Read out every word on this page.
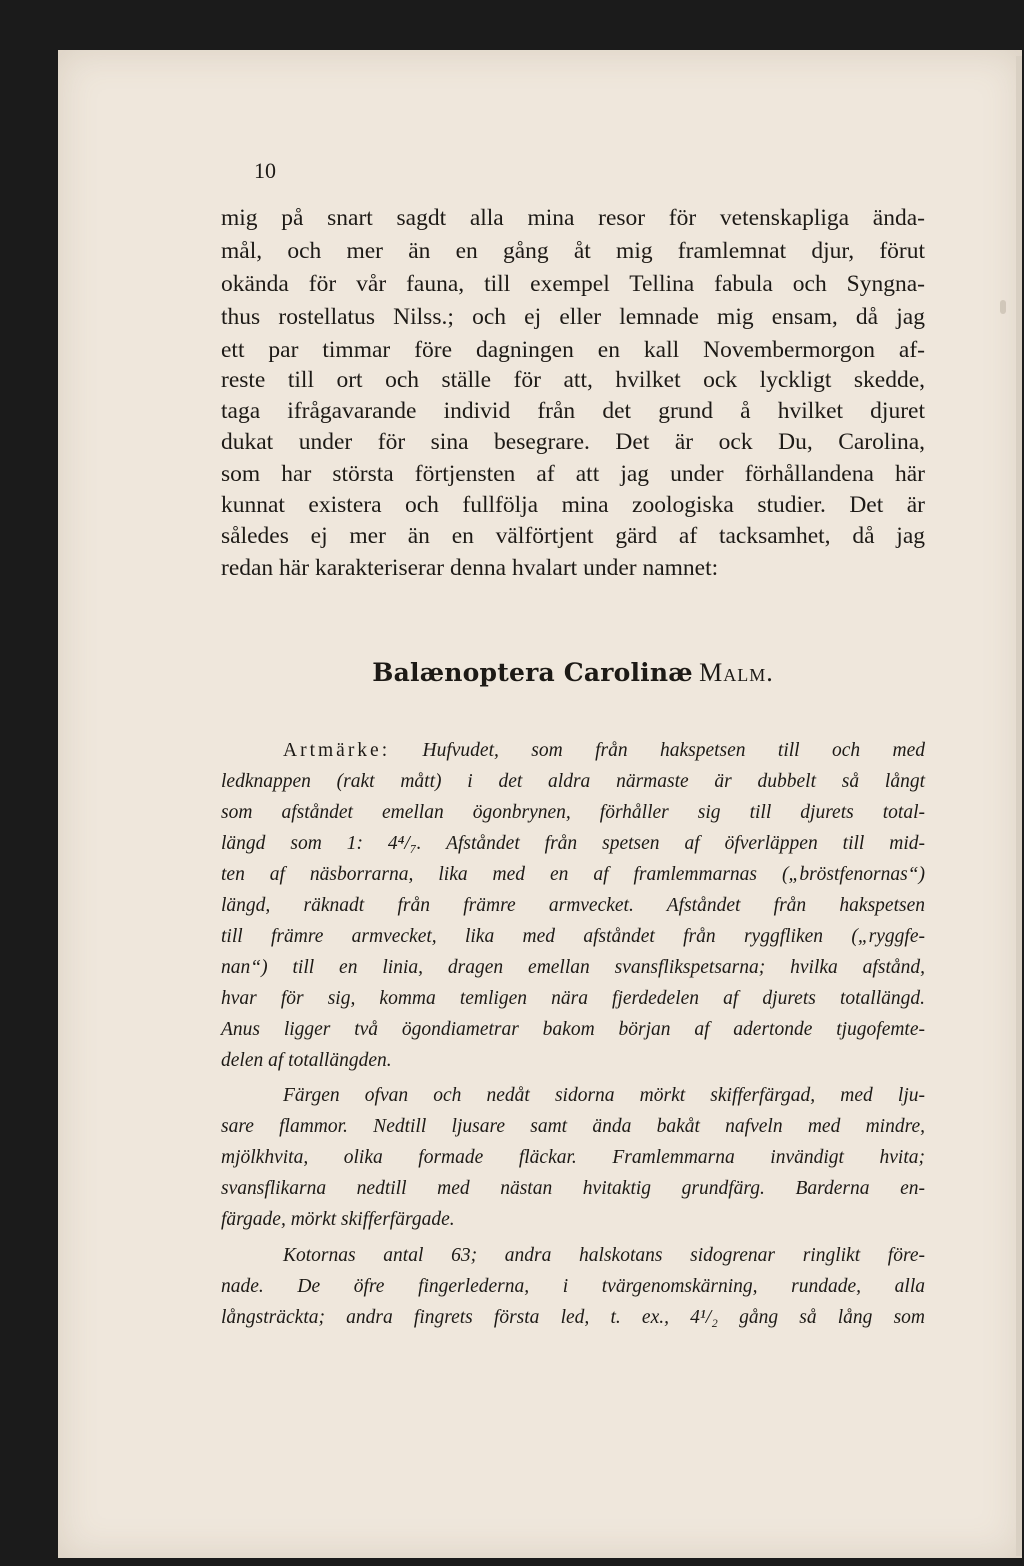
10
mig på snart sagdt alla mina resor för vetenskapliga ända-
mål, och mer än en gång åt mig framlemnat djur, förut
okända för vår fauna, till exempel Tellina fabula och Syngna-
thus rostellatus Nilss.; och ej eller lemnade mig ensam, då jag
ett par timmar före dagningen en kall Novembermorgon af-
reste till ort och ställe för att, hvilket ock lyckligt skedde,
taga ifrågavarande individ från det grund å hvilket djuret
dukat under för sina besegrare. Det är ock Du, Carolina,
som har största förtjensten af att jag under förhållandena här
kunnat existera och fullfölja mina zoologiska studier. Det är
således ej mer än en välförtjent gärd af tacksamhet, då jag
redan här karakteriserar denna hvalart under namnet:
Balænoptera Carolinæ Malm.
Artmärke: Hufvudet, som från hakspetsen till och med
ledknappen (rakt mått) i det aldra närmaste är dubbelt så långt
som afståndet emellan ögonbrynen, förhåller sig till djurets total-
längd som 1: 4⁴/₇. Afståndet från spetsen af öfverläppen till mid-
ten af näsborrarna, lika med en af framlemmarnas („bröstfenornas“)
längd, räknadt från främre armvecket. Afståndet från hakspetsen
till främre armvecket, lika med afståndet från ryggfliken („ryggfe-
nan“) till en linia, dragen emellan svansflikspetsarna; hvilka afstånd,
hvar för sig, komma temligen nära fjerdedelen af djurets totallängd.
Anus ligger två ögondiametrar bakom början af adertonde tjugofemte-
delen af totallängden.
Färgen ofvan och nedåt sidorna mörkt skifferfärgad, med lju-
sare flammor. Nedtill ljusare samt ända bakåt nafveln med mindre,
mjölkhvita, olika formade fläckar. Framlemmarna invändigt hvita;
svansflikarna nedtill med nästan hvitaktig grundfärg. Barderna en-
färgade, mörkt skifferfärgade.
Kotornas antal 63; andra halskotans sidogrenar ringlikt före-
nade. De öfre fingerlederna, i tvärgenomskärning, rundade, alla
långsträckta; andra fingrets första led, t. ex., 4¹/₂ gång så lång som
